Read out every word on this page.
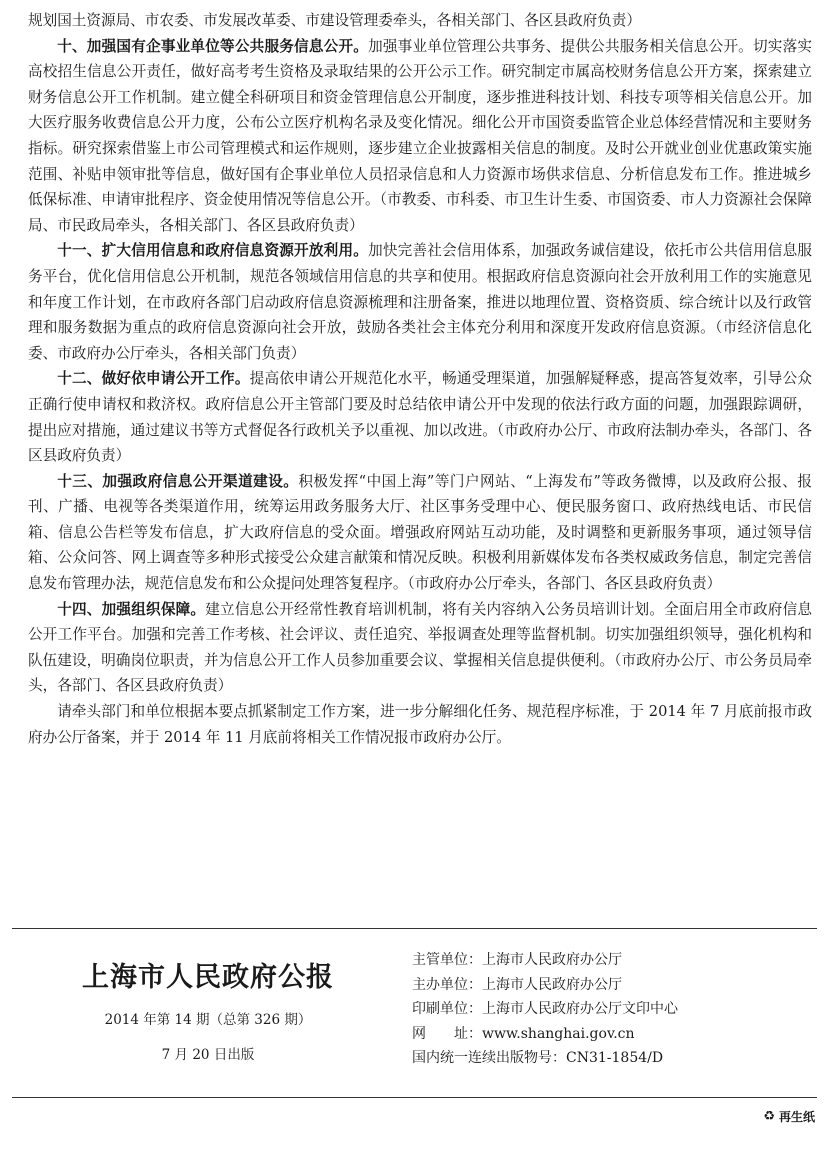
规划国土资源局、市农委、市发展改革委、市建设管理委牵头，各相关部门、各区县政府负责）

十、加强国有企事业单位等公共服务信息公开。加强事业单位管理公共事务、提供公共服务相关信息公开。切实落实高校招生信息公开责任，做好高考考生资格及录取结果的公开公示工作。研究制定市属高校财务信息公开方案，探索建立财务信息公开工作机制。建立健全科研项目和资金管理信息公开制度，逐步推进科技计划、科技专项等相关信息公开。加大医疗服务收费信息公开力度，公布公立医疗机构名录及变化情况。细化公开市国资委监管企业总体经营情况和主要财务指标。研究探索借鉴上市公司管理模式和运作规则，逐步建立企业披露相关信息的制度。及时公开就业创业优惠政策实施范围、补贴申领审批等信息，做好国有企事业单位人员招录信息和人力资源市场供求信息、分析信息发布工作。推进城乡低保标准、申请审批程序、资金使用情况等信息公开。（市教委、市科委、市卫生计生委、市国资委、市人力资源社会保障局、市民政局牵头，各相关部门、各区县政府负责）

十一、扩大信用信息和政府信息资源开放利用。加快完善社会信用体系，加强政务诚信建设，依托市公共信用信息服务平台，优化信用信息公开机制，规范各领域信用信息的共享和使用。根据政府信息资源向社会开放利用工作的实施意见和年度工作计划，在市政府各部门启动政府信息资源梳理和注册备案，推进以地理位置、资格资质、综合统计以及行政管理和服务数据为重点的政府信息资源向社会开放，鼓励各类社会主体充分利用和深度开发政府信息资源。（市经济信息化委、市政府办公厅牵头，各相关部门负责）

十二、做好依申请公开工作。提高依申请公开规范化水平，畅通受理渠道，加强解疑释惑，提高答复效率，引导公众正确行使申请权和救济权。政府信息公开主管部门要及时总结依申请公开中发现的依法行政方面的问题，加强跟踪调研，提出应对措施，通过建议书等方式督促各行政机关予以重视、加以改进。（市政府办公厅、市政府法制办牵头，各部门、各区县政府负责）

十三、加强政府信息公开渠道建设。积极发挥“中国上海”等门户网站、“上海发布”等政务微博，以及政府公报、报刊、广播、电视等各类渠道作用，统筹运用政务服务大厅、社区事务受理中心、便民服务窗口、政府热线电话、市民信箱、信息公告栏等发布信息，扩大政府信息的受众面。增强政府网站互动功能，及时调整和更新服务事项，通过领导信箱、公众问答、网上调查等多种形式接受公众建言献策和情况反映。积极利用新媒体发布各类权威政务信息，制定完善信息发布管理办法，规范信息发布和公众提问处理答复程序。（市政府办公厅牵头，各部门、各区县政府负责）

十四、加强组织保障。建立信息公开经常性教育培训机制，将有关内容纳入公务员培训计划。全面启用全市政府信息公开工作平台。加强和完善工作考核、社会评议、责任追究、举报调查处理等监督机制。切实加强组织领导，强化机构和队伍建设，明确岗位职责，并为信息公开工作人员参加重要会议、掌握相关信息提供便利。（市政府办公厅、市公务员局牵头，各部门、各区县政府负责）

请牵头部门和单位根据本要点抓紧制定工作方案，进一步分解细化任务、规范程序标准，于 2014 年 7 月底前报市政府办公厅备案，并于 2014 年 11 月底前将相关工作情况报市政府办公厅。

上海市人民政府公报
2014 年第 14 期（总第 326 期）
7 月 20 日出版
主管单位：上海市人民政府办公厅
主办单位：上海市人民政府办公厅
印刷单位：上海市人民政府办公厅文印中心
网　　址：www.shanghai.gov.cn
国内统一连续出版物号：CN31-1854/D
♻ 再生纸
